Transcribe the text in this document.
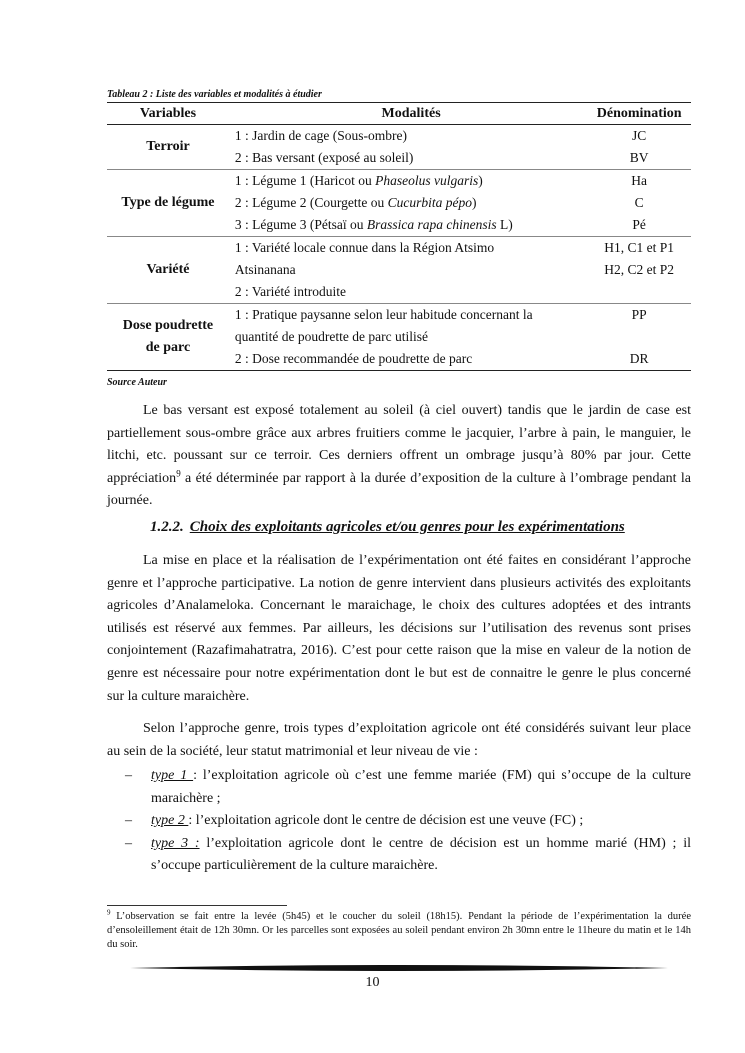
Tableau 2 : Liste des variables et modalités à étudier
Variables	Modalités	Dénomination
Terroir	1 : Jardin de cage (Sous-ombre)	JC
	2 : Bas versant (exposé au soleil)	BV
Type de légume	1 : Légume 1 (Haricot ou Phaseolus vulgaris)	Ha
	2 : Légume 2 (Courgette ou Cucurbita pépo)	C
	3 : Légume 3 (Pétsaï ou Brassica rapa chinensis L)	Pé
Variété	1 : Variété locale connue dans la Région Atsimo	H1, C1 et P1
	Atsinanana	H2, C2 et P2
	2 : Variété introduite	
Dose poudrette
de parc	1 : Pratique paysanne selon leur habitude concernant la	PP
	quantité de poudrette de parc utilisé	
	2 : Dose recommandée de poudrette de parc	DR
Source Auteur

Le bas versant est exposé totalement au soleil (à ciel ouvert) tandis que le jardin de case est partiellement sous-ombre grâce aux arbres fruitiers comme le jacquier, l’arbre à pain, le manguier, le litchi, etc. poussant sur ce terroir. Ces derniers offrent un ombrage jusqu’à 80% par jour. Cette appréciation$^9$ a été déterminée par rapport à la durée d’exposition de la culture à l’ombrage pendant la journée.

1.2.2. Choix des exploitants agricoles et/ou genres pour les expérimentations

La mise en place et la réalisation de l’expérimentation ont été faites en considérant l’approche genre et l’approche participative. La notion de genre intervient dans plusieurs activités des exploitants agricoles d’Analameloka. Concernant le maraichage, le choix des cultures adoptées et des intrants utilisés est réservé aux femmes. Par ailleurs, les décisions sur l’utilisation des revenus sont prises conjointement (Razafimahatratra, 2016). C’est pour cette raison que la mise en valeur de la notion de genre est nécessaire pour notre expérimentation dont le but est de connaitre le genre le plus concerné sur la culture maraichère.

Selon l’approche genre, trois types d’exploitation agricole ont été considérés suivant leur place au sein de la société, leur statut matrimonial et leur niveau de vie :

– type 1 : l’exploitation agricole où c’est une femme mariée (FM) qui s’occupe de la culture maraichère ;
– type 2 : l’exploitation agricole dont le centre de décision est une veuve (FC) ;
– type 3 : l’exploitation agricole dont le centre de décision est un homme marié (HM) ; il s’occupe particulièrement de la culture maraichère.

$^9$ L’observation se fait entre la levée (5h45) et le coucher du soleil (18h15). Pendant la période de l’expérimentation la durée d’ensoleillement était de 12h 30mn. Or les parcelles sont exposées au soleil pendant environ 2h 30mn entre le 11heure du matin et le 14h du soir.

10
